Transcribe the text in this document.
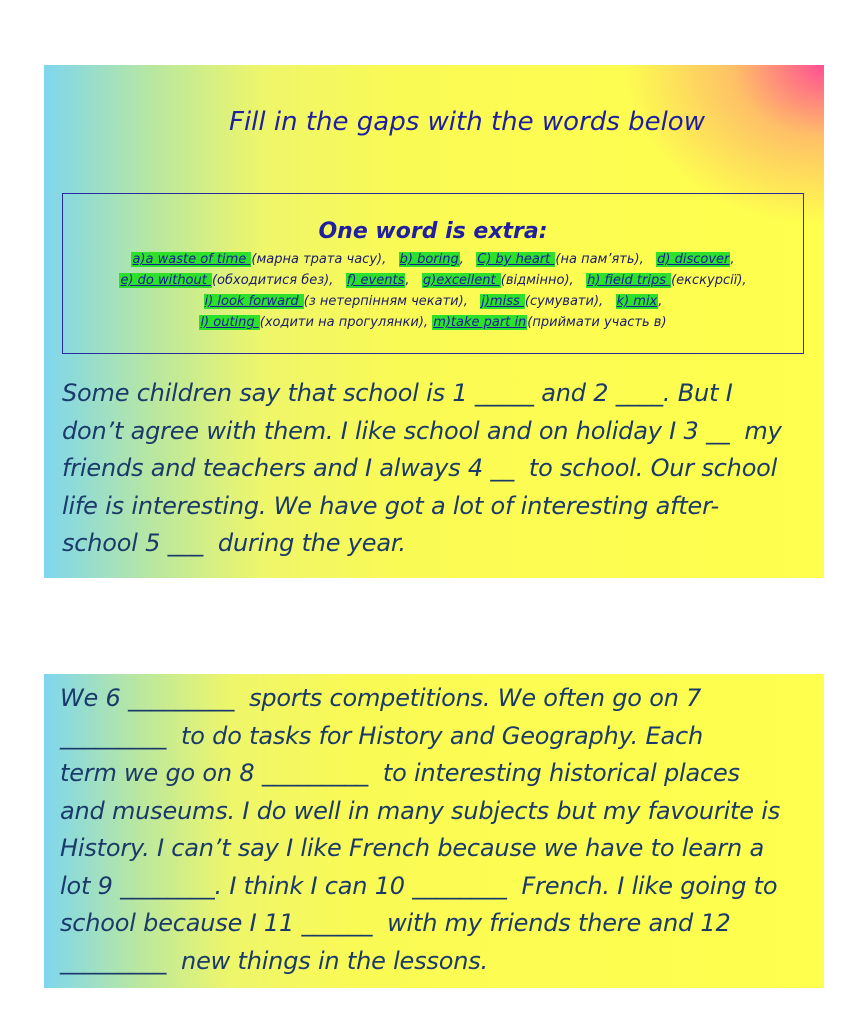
Fill in the gaps with the words below
One word is extra:
a)a waste of time (марна трата часу),   b) boring,   C) by heart (на пам’ять),   d) discover,
e) do without (обходитися без),   f) events,   g)excellent (відмінно),   h) field trips (екскурсії),
i) look forward (з нетерпінням чекати),   j)miss (сумувати),   k) mix,
l) outing (ходити на прогулянки), m)take part in(приймати участь в)

Some children say that school is 1 _____ and 2 ____. But I
don’t agree with them. I like school and on holiday I 3 __  my
friends and teachers and I always 4 __  to school. Our school
life is interesting. We have got a lot of interesting after-
school 5 ___  during the year.

We 6 _________  sports competitions. We often go on 7
_________  to do tasks for History and Geography. Each
term we go on 8 _________  to interesting historical places
and museums. I do well in many subjects but my favourite is
History. I can’t say I like French because we have to learn a
lot 9 ________. I think I can 10 ________  French. I like going to
school because I 11 ______  with my friends there and 12
_________  new things in the lessons.
